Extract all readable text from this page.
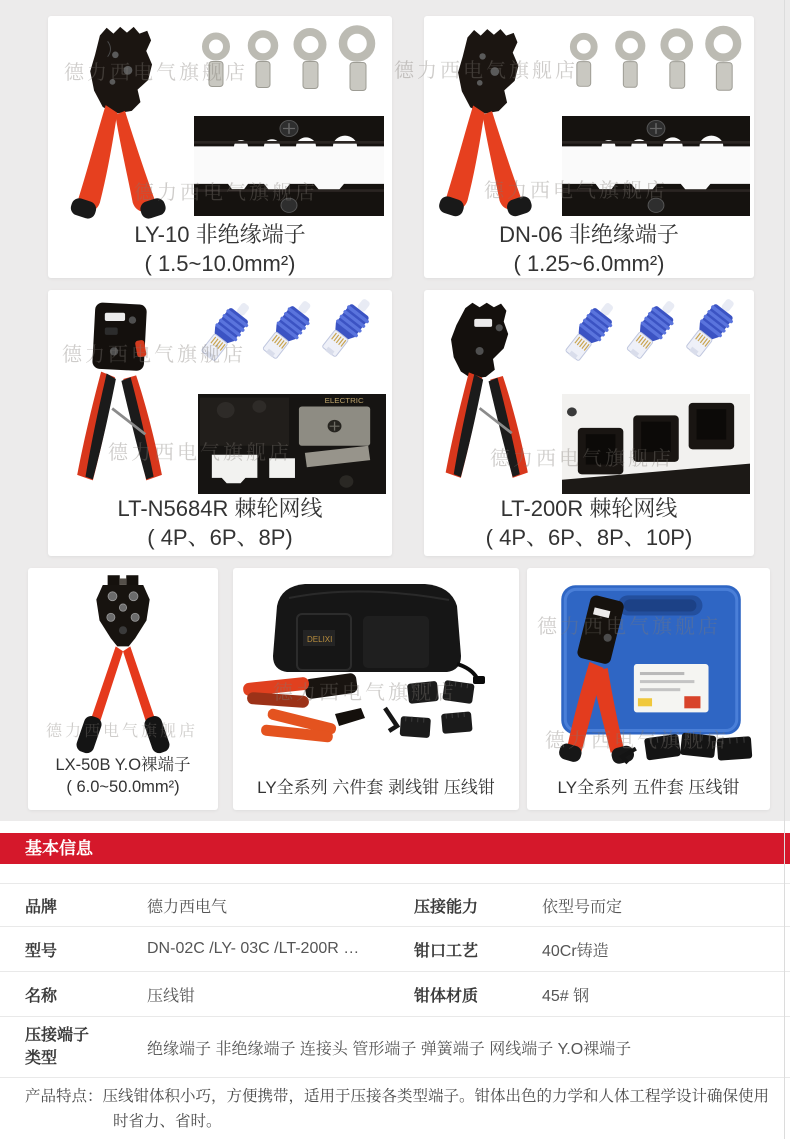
德力西电气旗舰店
德力西电气旗舰店
LY-10 非绝缘端子
( 1.5~10.0mm²)
德力西电气旗舰店
德力西电气旗舰店
DN-06 非绝缘端子
( 1.25~6.0mm²)
ELECTRIC
德力西电气旗舰店
德力西电气旗舰店
LT-N5684R 棘轮网线
( 4P、6P、8P)
德力西电气旗舰店
LT-200R 棘轮网线
( 4P、6P、8P、10P)
德力西电气旗舰店
LX-50B Y.O裸端子
( 6.0~50.0mm²)
DELIXI
德力西电气旗舰店
LY全系列 六件套 剥线钳 压线钳
德力西电气旗舰店
德力西电气旗舰店
LY全系列 五件套 压线钳
基本信息
品牌	德力西电气	压接能力	依型号而定
型号	DN-02C /LY- 03C /LT-200R …	钳口工艺	40Cr铸造
名称	压线钳	钳体材质	45# 钢
压接端子
类型
绝缘端子 非绝缘端子 连接头 管形端子 弹簧端子 网线端子 Y.O裸端子
产品特点：压线钳体积小巧，方便携带，适用于压接各类型端子。钳体出色的力学和人体工程学设计确保使用时省力、省时。
